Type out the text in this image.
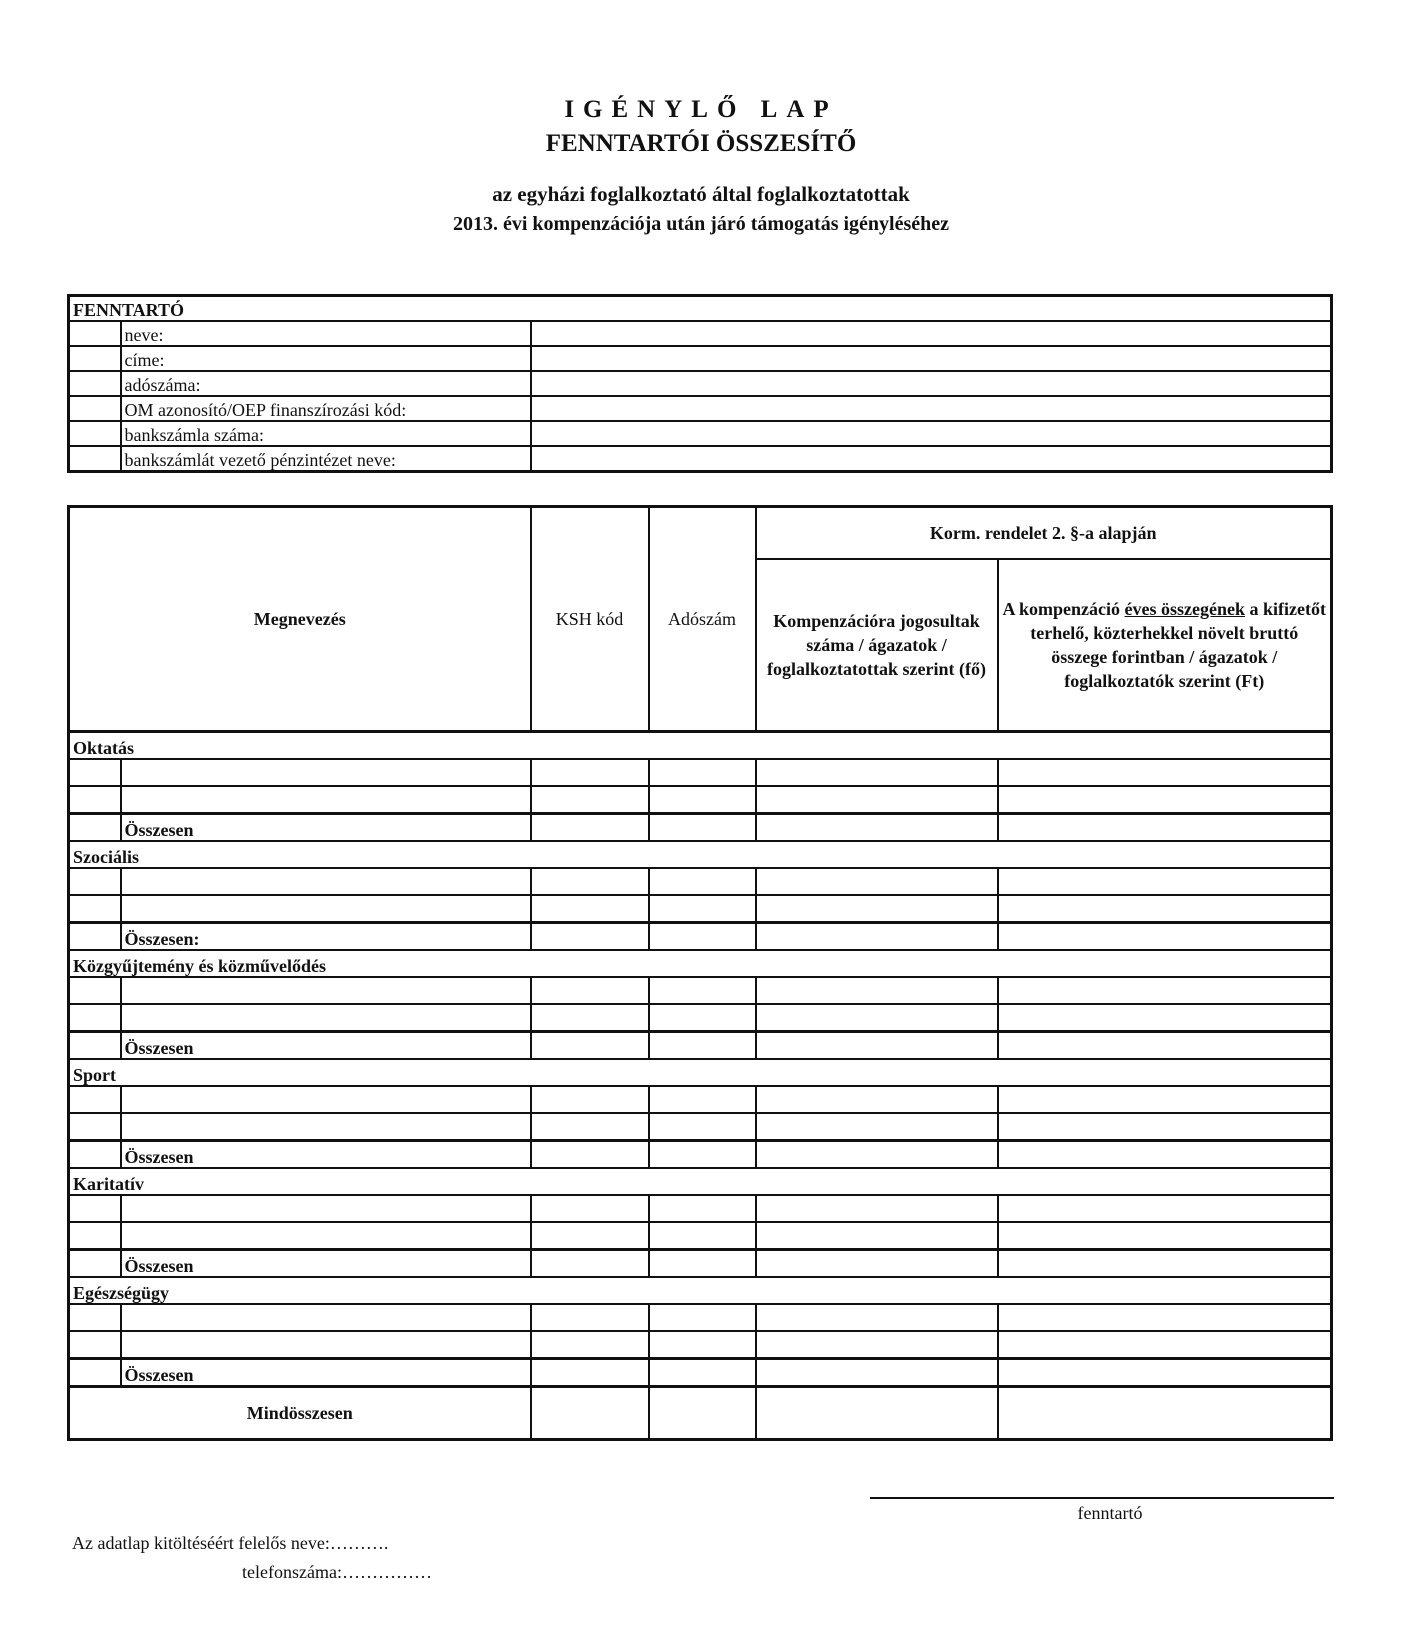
IGÉNYLŐ LAP
FENNTARTÓI ÖSSZESÍTŐ
az egyházi foglalkoztató által foglalkoztatottak
2013. évi kompenzációja után járó támogatás igényléséhez
FENNTARTÓ		
	neve:	
	címe:	
	adószáma:	
	OM azonosító/OEP finanszírozási kód:	
	bankszámla száma:	
	bankszámlát vezető pénzintézet neve:	
Megnevezés		KSH kód	Adószám	Korm. rendelet 2. §-a alapján	
				Kompenzációra jogosultak száma / ágazatok / foglalkoztatottak szerint (fő)	A kompenzáció éves összegének a kifizetőt terhelő, közterhekkel növelt bruttó összege forintban / ágazatok / foglalkoztatók szerint (Ft)
Oktatás					

	Összesen				
Szociális					

	Összesen:				
Közgyűjtemény és közművelődés					

	Összesen				
Sport					

	Összesen				
Karitatív					

	Összesen				
Egészségügy					

	Összesen				
Mindösszesen					
fenntartó
Az adatlap kitöltéséért felelős neve:……….
telefonszáma:……………
